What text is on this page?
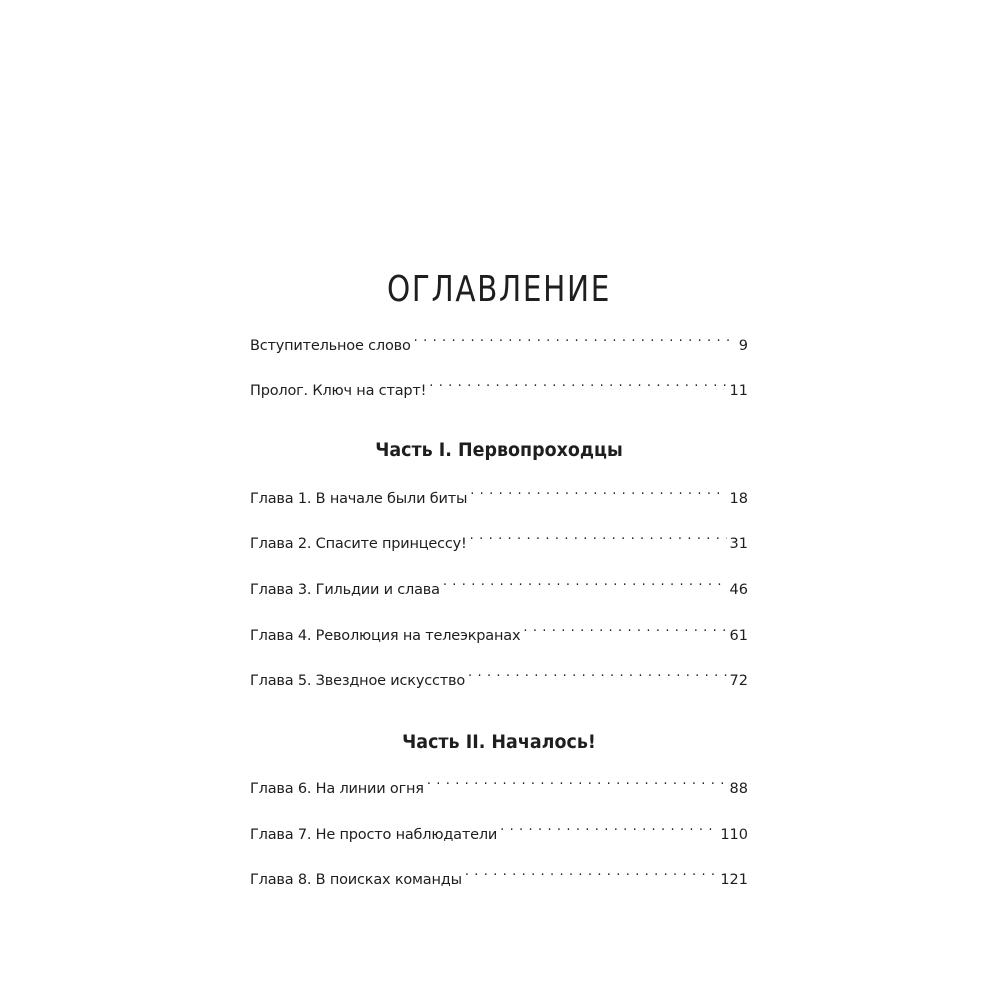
ОГЛАВЛЕНИЕ
Вступительное слово . . .	9
Пролог. Ключ на старт! . . .	11
Часть I. Первопроходцы
Глава 1. В начале были биты . . .	18
Глава 2. Спасите принцессу! . . .	31
Глава 3. Гильдии и слава . . .	46
Глава 4. Революция на телеэкранах . . .	61
Глава 5. Звездное искусство . . .	72
Часть II. Началось!
Глава 6. На линии огня . . .	88
Глава 7. Не просто наблюдатели . . .	110
Глава 8. В поисках команды . . .	121
